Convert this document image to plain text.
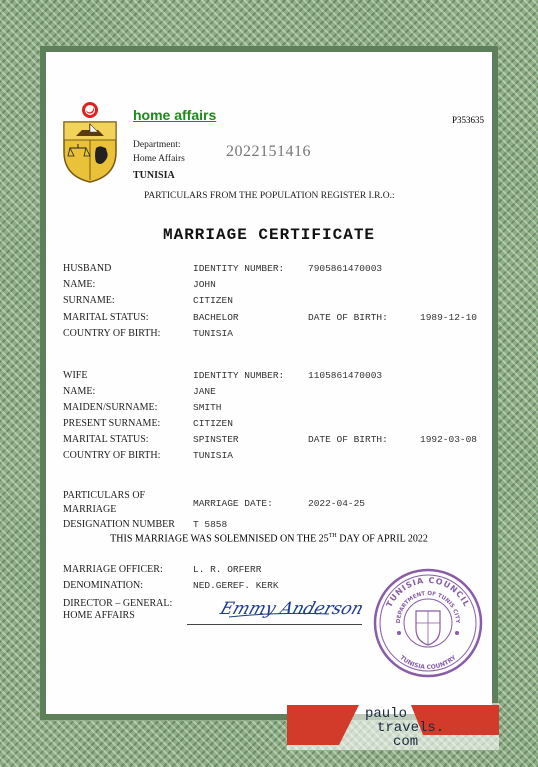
home affairs	P353635
Department:
Home Affairs	2022151416
TUNISIA
PARTICULARS FROM THE POPULATION REGISTER I.R.O.:
MARRIAGE CERTIFICATE
HUSBAND	IDENTITY NUMBER:	7905861470003
NAME:	JOHN
SURNAME:	CITIZEN
MARITAL STATUS:	BACHELOR	DATE OF BIRTH:	1989-12-10
COUNTRY OF BIRTH:	TUNISIA
WIFE	IDENTITY NUMBER:	1105861470003
NAME:	JANE
MAIDEN/SURNAME:	SMITH
PRESENT SURNAME:	CITIZEN
MARITAL STATUS:	SPINSTER	DATE OF BIRTH:	1992-03-08
COUNTRY OF BIRTH:	TUNISIA
PARTICULARS OF
MARRIAGE
MARRIAGE DATE:	2022-04-25
DESIGNATION NUMBER T 5858
THIS MARRIAGE WAS SOLEMNISED ON THE 25TH DAY OF APRIL 2022
MARRIAGE OFFICER:	L. R. ORFERR
DENOMINATION:	NED.GEREF. KERK
DIRECTOR – GENERAL:
HOME AFFAIRS	Emmy Anderson TUNISIA COUNCIL
DEPARTMENT OF TUNIS CITY
TUNISIA COUNTRY
paulo
travels.
com
